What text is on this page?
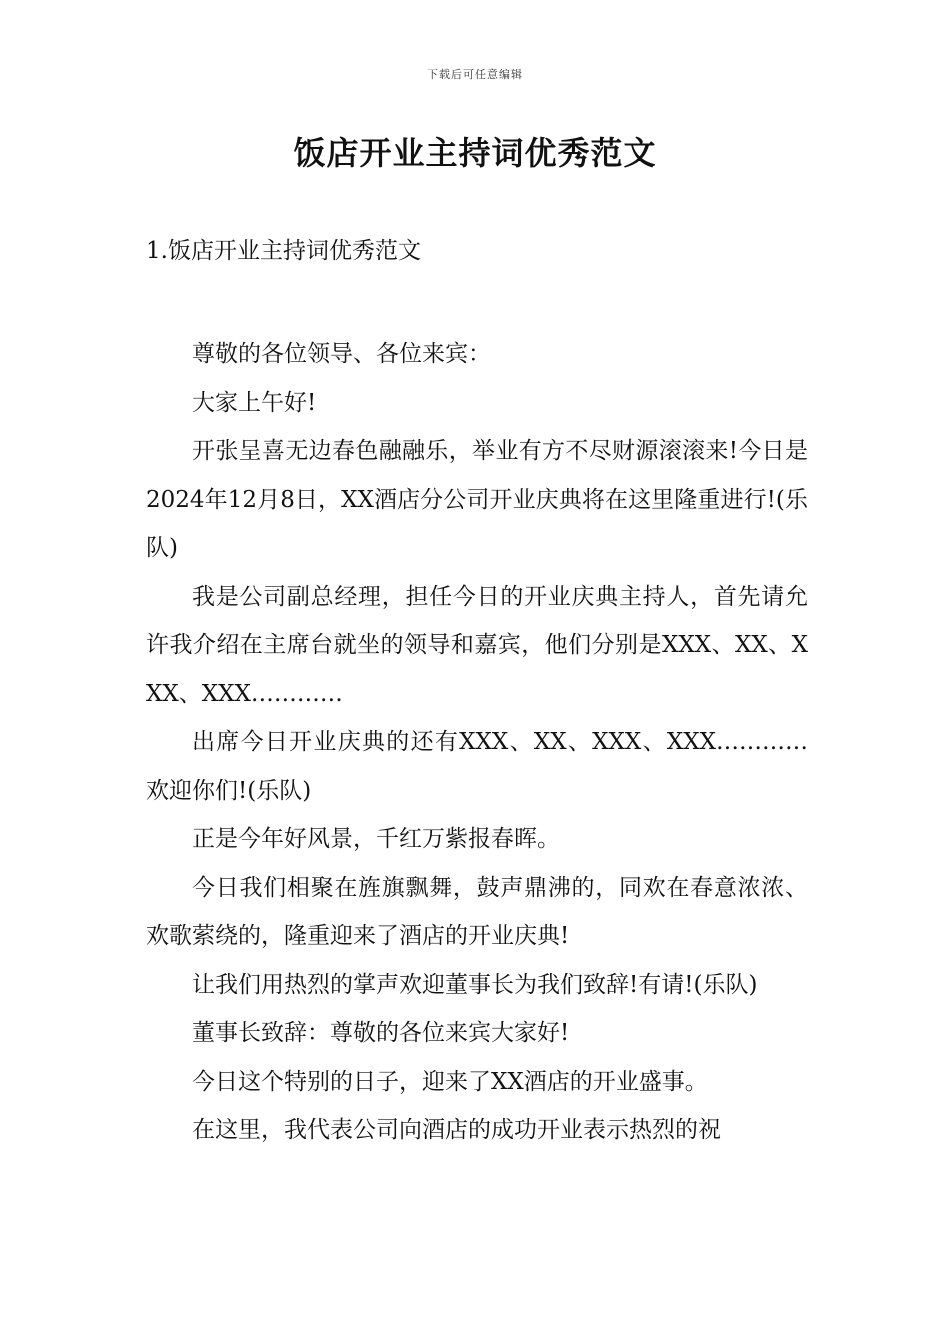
下载后可任意编辑
饭店开业主持词优秀范文
1.饭店开业主持词优秀范文

尊敬的各位领导、各位来宾：

大家上午好!

开张呈喜无边春色融融乐，举业有方不尽财源滚滚来!今日是2024年12月8日，XX酒店分公司开业庆典将在这里隆重进行!(乐队)

我是公司副总经理，担任今日的开业庆典主持人，首先请允许我介绍在主席台就坐的领导和嘉宾，他们分别是XXX、XX、XXX、XXX…………

出席今日开业庆典的还有XXX、XX、XXX、XXX…………欢迎你们!(乐队)

正是今年好风景，千红万紫报春晖。

今日我们相聚在旌旗飘舞，鼓声鼎沸的，同欢在春意浓浓、欢歌萦绕的，隆重迎来了酒店的开业庆典!

让我们用热烈的掌声欢迎董事长为我们致辞!有请!(乐队)

董事长致辞：尊敬的各位来宾大家好!

今日这个特别的日子，迎来了XX酒店的开业盛事。

在这里，我代表公司向酒店的成功开业表示热烈的祝
